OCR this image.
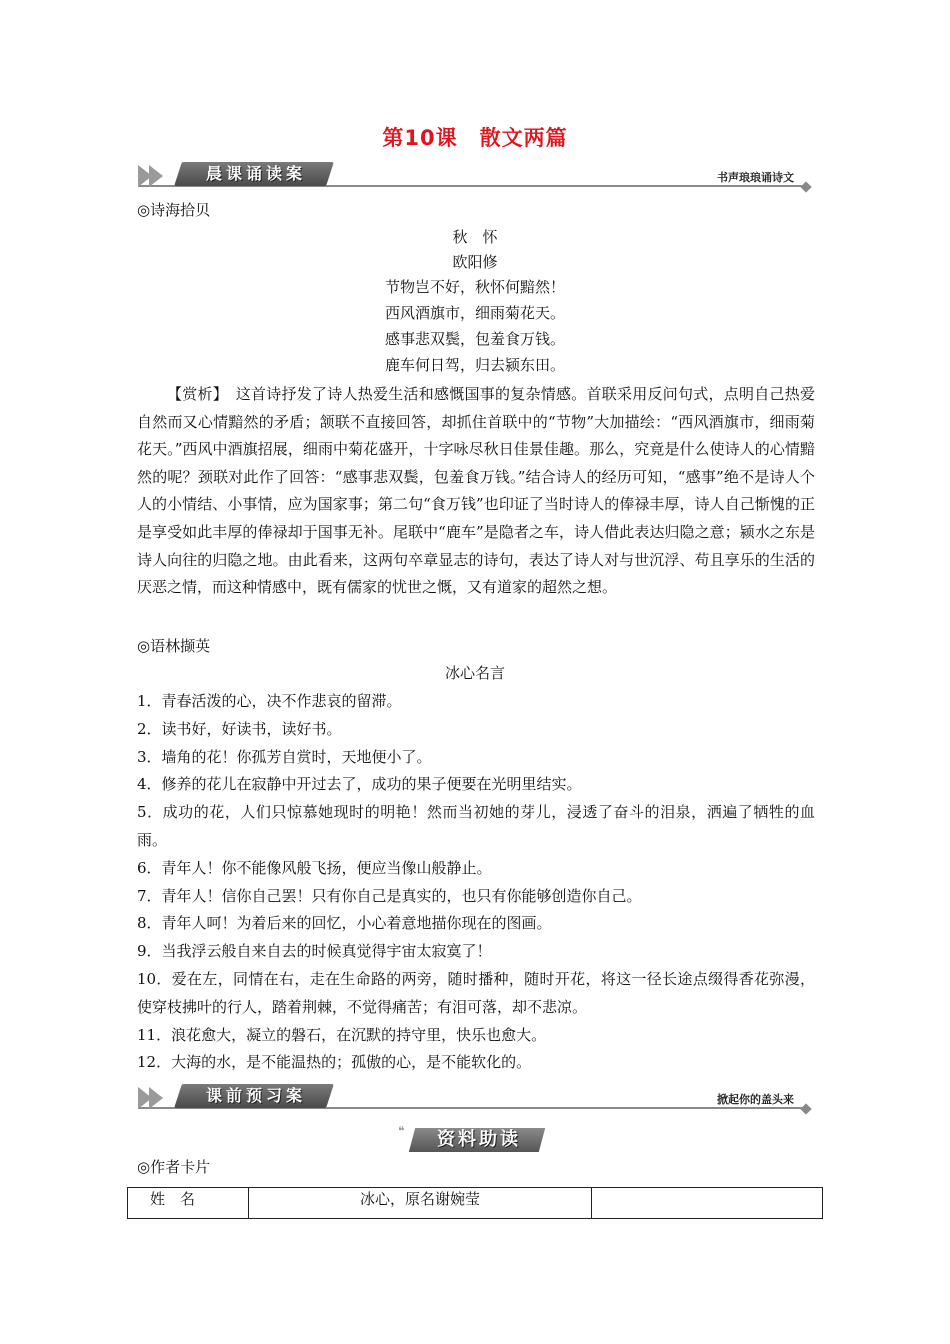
第10课　散文两篇
晨课诵读案	书声琅琅诵诗文
◎诗海拾贝
秋　怀
欧阳修
节物岂不好，秋怀何黯然！
西风酒旗市，细雨菊花天。
感事悲双鬓，包羞食万钱。
鹿车何日驾，归去颍东田。
【赏析】　这首诗抒发了诗人热爱生活和感慨国事的复杂情感。首联采用反问句式，点明自己热爱自然而又心情黯然的矛盾；颔联不直接回答，却抓住首联中的“节物”大加描绘：“西风酒旗市，细雨菊花天。”西风中酒旗招展，细雨中菊花盛开，十字咏尽秋日佳景佳趣。那么，究竟是什么使诗人的心情黯然的呢？颈联对此作了回答：“感事悲双鬓，包羞食万钱。”结合诗人的经历可知，“感事”绝不是诗人个人的小情结、小事情，应为国家事；第二句“食万钱”也印证了当时诗人的俸禄丰厚，诗人自己惭愧的正是享受如此丰厚的俸禄却于国事无补。尾联中“鹿车”是隐者之车，诗人借此表达归隐之意；颍水之东是诗人向往的归隐之地。由此看来，这两句卒章显志的诗句，表达了诗人对与世沉浮、苟且享乐的生活的厌恶之情，而这种情感中，既有儒家的忧世之慨，又有道家的超然之想。
◎语林撷英
冰心名言
1．青春活泼的心，决不作悲哀的留滞。
2．读书好，好读书，读好书。
3．墙角的花！你孤芳自赏时，天地便小了。
4．修养的花儿在寂静中开过去了，成功的果子便要在光明里结实。
5．成功的花，人们只惊慕她现时的明艳！然而当初她的芽儿，浸透了奋斗的泪泉，洒遍了牺牲的血雨。
6．青年人！你不能像风般飞扬，便应当像山般静止。
7．青年人！信你自己罢！只有你自己是真实的，也只有你能够创造你自己。
8．青年人呵！为着后来的回忆，小心着意地描你现在的图画。
9．当我浮云般自来自去的时候真觉得宇宙太寂寞了！
10．爱在左，同情在右，走在生命路的两旁，随时播种，随时开花，将这一径长途点缀得香花弥漫，使穿枝拂叶的行人，踏着荆棘，不觉得痛苦；有泪可落，却不悲凉。
11．浪花愈大，凝立的磐石，在沉默的持守里，快乐也愈大。
12．大海的水，是不能温热的；孤傲的心，是不能软化的。
课前预习案	掀起你的盖头来
❝	资料助读
◎作者卡片
姓　名	冰心，原名谢婉莹	
